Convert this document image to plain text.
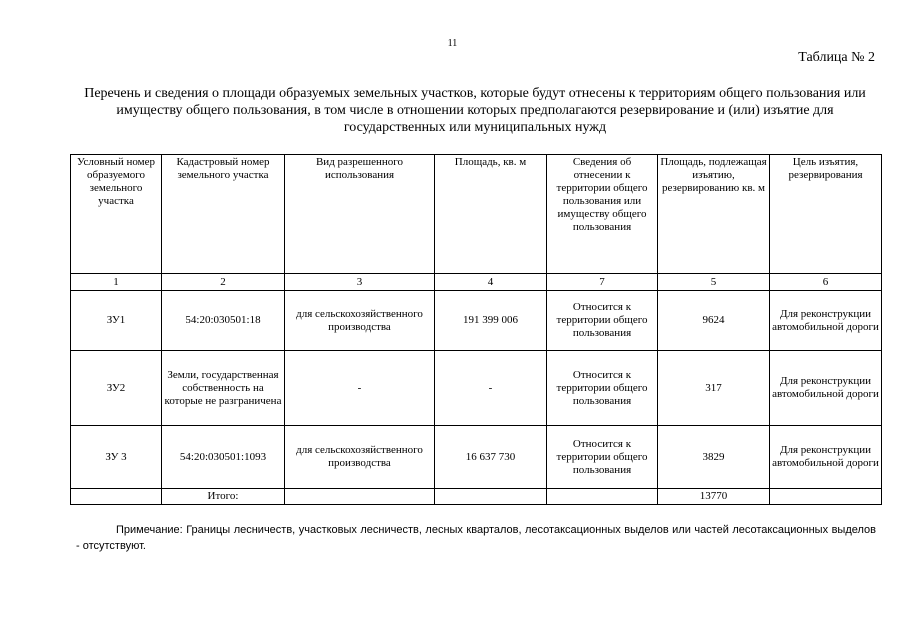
11
Таблица № 2
Перечень и сведения о площади образуемых земельных участков, которые будут отнесены к территориям общего пользования или имуществу общего пользования, в том числе в отношении которых предполагаются резервирование и (или) изъятие для государственных или муниципальных нужд
Условный номер образуемого земельного участка	Кадастровый номер земельного участка	Вид разрешенного использования	Площадь, кв. м	Сведения об отнесении к территории общего пользования или имуществу общего пользования	Площадь, подлежащая изъятию, резервированию кв. м	Цель изъятия, резервирования
1	2	3	4	7	5	6
ЗУ1	54:20:030501:18	для сельскохозяйственного производства	191 399 006	Относится к территории общего пользования	9624	Для реконструкции автомобильной дороги
ЗУ2	Земли, государственная собственность на которые не разграничена	-	-	Относится к территории общего пользования	317	Для реконструкции автомобильной дороги
ЗУ 3	54:20:030501:1093	для сельскохозяйственного производства	16 637 730	Относится к территории общего пользования	3829	Для реконструкции автомобильной дороги
	Итого:				13770	
Примечание: Границы лесничеств, участковых лесничеств, лесных кварталов, лесотаксационных выделов или частей лесотаксационных выделов - отсутствуют.
